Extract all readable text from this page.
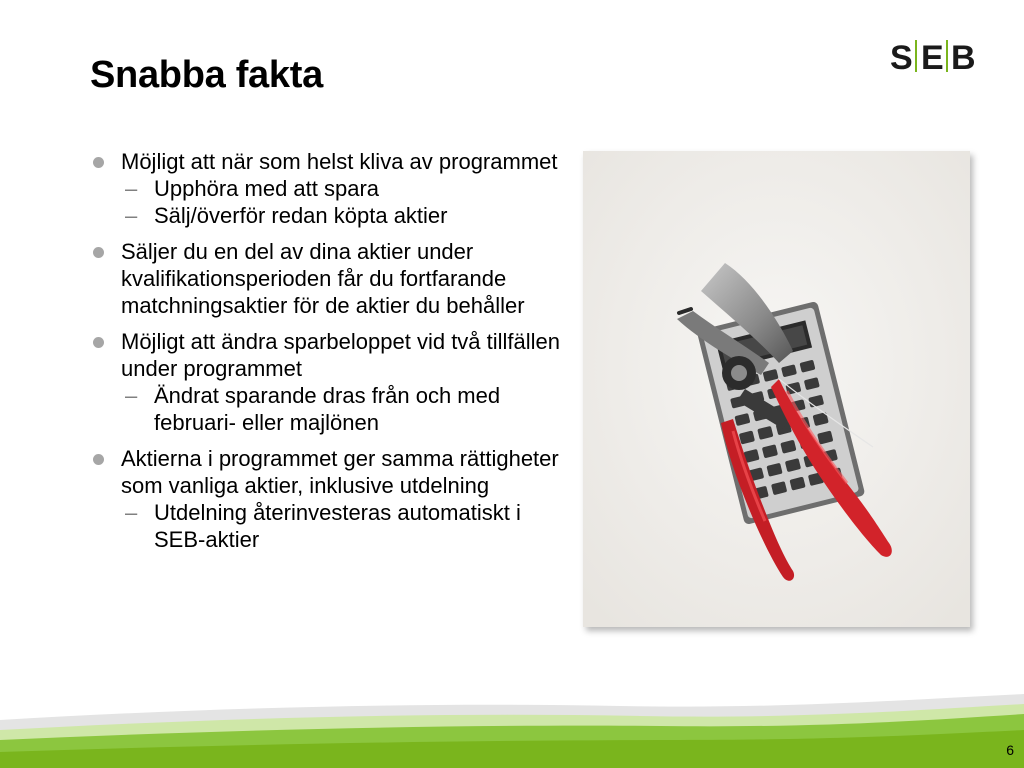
Snabba fakta	S E B
Möjligt att när som helst kliva av programmet
– Upphöra med att spara
– Sälj/överför redan köpta aktier
Säljer du en del av dina aktier under kvalifikationsperioden får du fortfarande matchningsaktier för de aktier du behåller
Möjligt att ändra sparbeloppet vid två tillfällen under programmet
– Ändrat sparande dras från och med februari- eller majlönen
Aktierna i programmet ger samma rättigheter som vanliga aktier, inklusive utdelning
– Utdelning återinvesteras automatiskt i SEB-aktier
6
